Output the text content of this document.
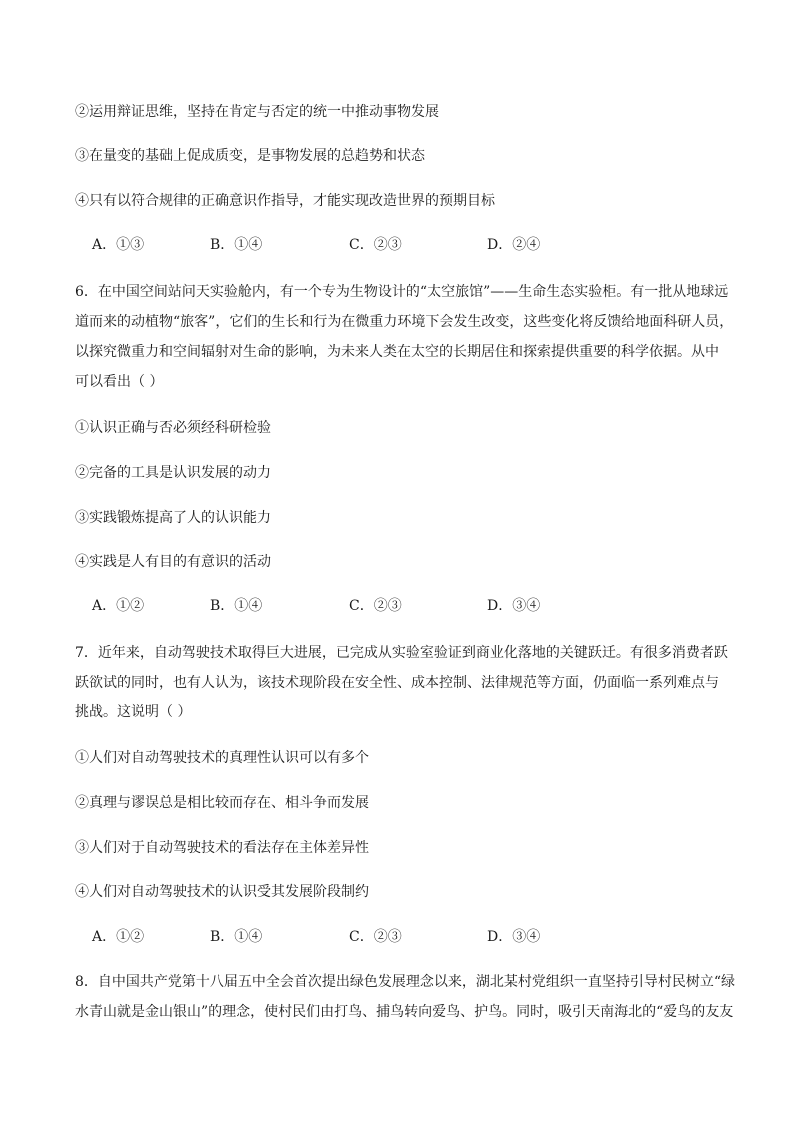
②运用辩证思维，坚持在肯定与否定的统一中推动事物发展
③在量变的基础上促成质变，是事物发展的总趋势和状态
④只有以符合规律的正确意识作指导，才能实现改造世界的预期目标
A．①③	B．①④	C．②③	D．②④
6．在中国空间站问天实验舱内，有一个专为生物设计的“太空旅馆”——生命生态实验柜。有一批从地球远
道而来的动植物“旅客”，它们的生长和行为在微重力环境下会发生改变，这些变化将反馈给地面科研人员，
以探究微重力和空间辐射对生命的影响，为未来人类在太空的长期居住和探索提供重要的科学依据。从中
可以看出（ ）
①认识正确与否必须经科研检验
②完备的工具是认识发展的动力
③实践锻炼提高了人的认识能力
④实践是人有目的有意识的活动
A．①②	B．①④	C．②③	D．③④
7．近年来，自动驾驶技术取得巨大进展，已完成从实验室验证到商业化落地的关键跃迁。有很多消费者跃
跃欲试的同时，也有人认为，该技术现阶段在安全性、成本控制、法律规范等方面，仍面临一系列难点与
挑战。这说明（ ）
①人们对自动驾驶技术的真理性认识可以有多个
②真理与谬误总是相比较而存在、相斗争而发展
③人们对于自动驾驶技术的看法存在主体差异性
④人们对自动驾驶技术的认识受其发展阶段制约
A．①②	B．①④	C．②③	D．③④
8．自中国共产党第十八届五中全会首次提出绿色发展理念以来，湖北某村党组织一直坚持引导村民树立“绿
水青山就是金山银山”的理念，使村民们由打鸟、捕鸟转向爱鸟、护鸟。同时，吸引天南海北的“爱鸟的友友
